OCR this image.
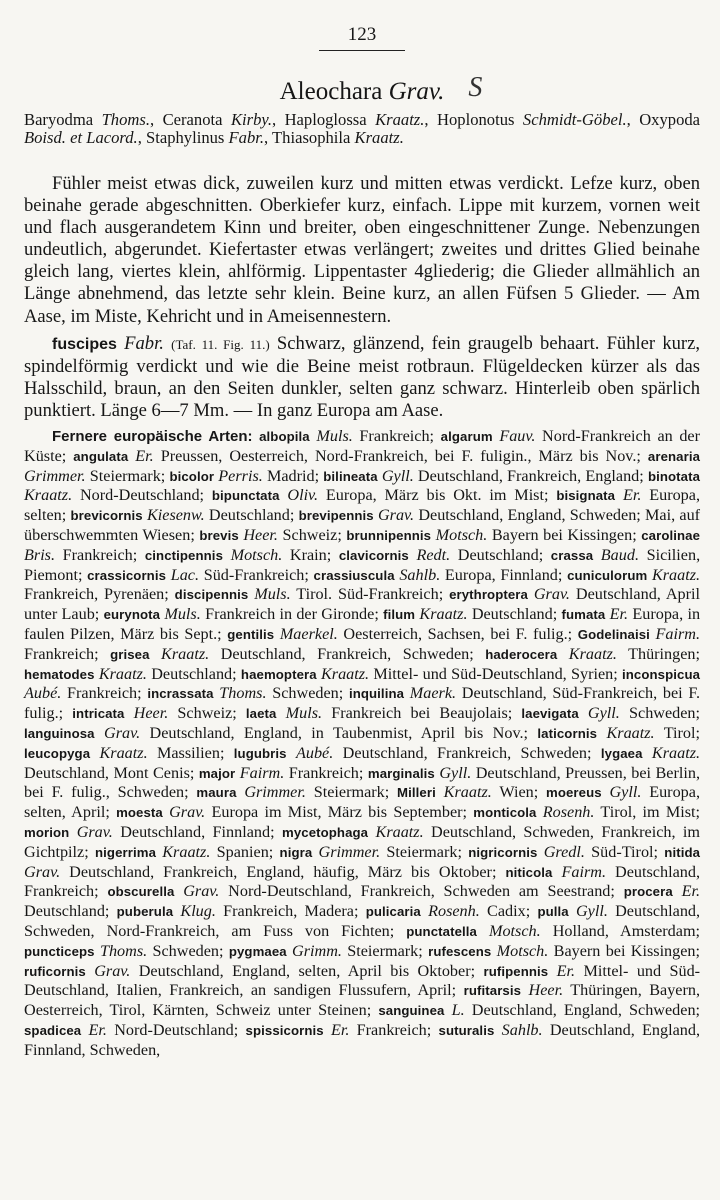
123
Aleochara Grav. S

Baryodma Thoms., Ceranota Kirby., Haploglossa Kraatz., Hoplonotus Schmidt-Göbel., Oxypoda Boisd. et Lacord., Staphylinus Fabr., Thiasophila Kraatz.

Fühler meist etwas dick, zuweilen kurz und mitten etwas verdickt. Lefze kurz, oben beinahe gerade abgeschnitten. Oberkiefer kurz, einfach. Lippe mit kurzem, vornen weit und flach ausgerandetem Kinn und breiter, oben eingeschnittener Zunge. Nebenzungen undeutlich, abgerundet. Kiefertaster etwas verlängert; zweites und drittes Glied beinahe gleich lang, viertes klein, ahlförmig. Lippentaster 4gliederig; die Glieder allmählich an Länge abnehmend, das letzte sehr klein. Beine kurz, an allen Füfsen 5 Glieder. — Am Aase, im Miste, Kehricht und in Ameisennestern.

fuscipes Fabr. (Taf. 11. Fig. 11.) Schwarz, glänzend, fein graugelb behaart. Fühler kurz, spindelförmig verdickt und wie die Beine meist rotbraun. Flügeldecken kürzer als das Halsschild, braun, an den Seiten dunkler, selten ganz schwarz. Hinterleib oben spärlich punktiert. Länge 6—7 Mm. — In ganz Europa am Aase.

Fernere europäische Arten: albopila Muls. Frankreich; algarum Fauv. Nord-Frankreich an der Küste; angulata Er. Preussen, Oesterreich, Nord-Frankreich, bei F. fuligin., März bis Nov.; arenaria Grimmer. Steiermark; bicolor Perris. Madrid; bilineata Gyll. Deutschland, Frankreich, England; binotata Kraatz. Nord-Deutschland; bipunctata Oliv. Europa, März bis Okt. im Mist; bisignata Er. Europa, selten; brevicornis Kiesenw. Deutschland; brevipennis Grav. Deutschland, England, Schweden; Mai, auf überschwemmten Wiesen; brevis Heer. Schweiz; brunnipennis Motsch. Bayern bei Kissingen; carolinae Bris. Frankreich; cinctipennis Motsch. Krain; clavicornis Redt. Deutschland; crassa Baud. Sicilien, Piemont; crassicornis Lac. Süd-Frankreich; crassiuscula Sahlb. Europa, Finnland; cuniculorum Kraatz. Frankreich, Pyrenäen; discipennis Muls. Tirol. Süd-Frankreich; erythroptera Grav. Deutschland, April unter Laub; eurynota Muls. Frankreich in der Gironde; filum Kraatz. Deutschland; fumata Er. Europa, in faulen Pilzen, März bis Sept.; gentilis Maerkel. Oesterreich, Sachsen, bei F. fulig.; Godelinaisi Fairm. Frankreich; grisea Kraatz. Deutschland, Frankreich, Schweden; haderocera Kraatz. Thüringen; hematodes Kraatz. Deutschland; haemoptera Kraatz. Mittel- und Süd-Deutschland, Syrien; inconspicua Aubé. Frankreich; incrassata Thoms. Schweden; inquilina Maerk. Deutschland, Süd-Frankreich, bei F. fulig.; intricata Heer. Schweiz; laeta Muls. Frankreich bei Beaujolais; laevigata Gyll. Schweden; languinosa Grav. Deutschland, England, in Taubenmist, April bis Nov.; laticornis Kraatz. Tirol; leucopyga Kraatz. Massilien; lugubris Aubé. Deutschland, Frankreich, Schweden; lygaea Kraatz. Deutschland, Mont Cenis; major Fairm. Frankreich; marginalis Gyll. Deutschland, Preussen, bei Berlin, bei F. fulig., Schweden; maura Grimmer. Steiermark; Milleri Kraatz. Wien; moereus Gyll. Europa, selten, April; moesta Grav. Europa im Mist, März bis September; monticola Rosenh. Tirol, im Mist; morion Grav. Deutschland, Finnland; mycetophaga Kraatz. Deutschland, Schweden, Frankreich, im Gichtpilz; nigerrima Kraatz. Spanien; nigra Grimmer. Steiermark; nigricornis Gredl. Süd-Tirol; nitida Grav. Deutschland, Frankreich, England, häufig, März bis Oktober; niticola Fairm. Deutschland, Frankreich; obscurella Grav. Nord-Deutschland, Frankreich, Schweden am Seestrand; procera Er. Deutschland; puberula Klug. Frankreich, Madera; pulicaria Rosenh. Cadix; pulla Gyll. Deutschland, Schweden, Nord-Frankreich, am Fuss von Fichten; punctatella Motsch. Holland, Amsterdam; puncticeps Thoms. Schweden; pygmaea Grimm. Steiermark; rufescens Motsch. Bayern bei Kissingen; ruficornis Grav. Deutschland, England, selten, April bis Oktober; rufipennis Er. Mittel- und Süd-Deutschland, Italien, Frankreich, an sandigen Flussufern, April; rufitarsis Heer. Thüringen, Bayern, Oesterreich, Tirol, Kärnten, Schweiz unter Steinen; sanguinea L. Deutschland, England, Schweden; spadicea Er. Nord-Deutschland; spissicornis Er. Frankreich; suturalis Sahlb. Deutschland, England, Finnland, Schweden,
